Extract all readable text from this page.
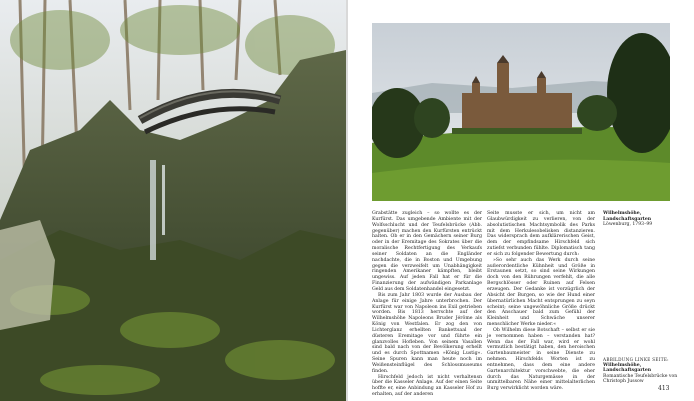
Wilhelmshöhe, Landschaftsgarten
Löwenburg, 1793–99

Grabstätte zugleich – so wollte es der Kurfürst. Das umgebende Ambiente mit der Wolfsschlucht und der Teufelsbrücke (Abb. gegenüber) machen den Kurfürsten entrückt halten. Ob er in den Gemächern seiner Burg oder in der Eremitage des Sokrates über die moralische Rechtfertigung des Verkaufs seiner Soldaten an die Engländer nachdachte, die in Boston und Umgebung gegen die verzweifelt um Unabhängigkeit ringenden Amerikaner kämpften, bleibt ungewiss. Auf jeden Fall hat er für die Finanzierung der aufwändigen Parkanlage Geld aus dem Soldatenhandel eingesetzt.

Bis zum Jahr 1803 wurde der Ausbau der Anlage für einige Jahre unterbrochen. Der Kurfürst war von Napoleon ins Exil getrieben worden. Bis 1813 herrschte auf der Wilhelmshöhe Napoleons Bruder Jérôme als König von Westfalen. Er zog den von Lichterglanz erhellten Bankettsaal der düsteren Eremitage vor und führte ein glanzvolles Hofleben. Von seinem Vasallen sind bald nach von der Bevölkerung erhellt und es durch Spottnamen »König Lustig«. Seine Spuren kann man heute noch im Weißensteinflügel des Schlossmuseums finden.

Hirschfeld jedoch ist nicht verhaltensn über die Kasseler Anlage. Auf der einen Seite hoffte er, eine Anbindung an Kasseler Hof zu erhalten, auf der anderen

Seite musste er sich, um nicht am Glaubwürdigkeit zu verlieren, von der absolutistischen Machtsymbolik des Parks mit dem Herkulesobelisken distanzieren. Das widersprach dem aufklärerischen Geist, dem der empfindsame Hirschfeld sich zutiefst verbunden fühlte. Diplomatisch tang er sich zu folgender Bewertung durch:

»So sehr auch das Werk durch seine außerordentliche Kühnheit und Größe in Erstaunen setzt, so sind seine Wirkungen doch von den Rührungen verfehlt, die alle Bergschlösser oder Ruinen auf Felsen erzeugen. Der Gedanke ist vorzügrlich der Absicht der Burgen, so wie der Hund einer übernatürlichen Macht entsprungen zu seyn scheint; seine ungewöhnliche Größe drückt den Anschauer bald zum Gefühl der Kleinheit und Schwäche unserer menschlicher Werke nieder.«

Ob Wilhelm diese Botschaft – selbst er sie je vernommen haben – verstanden hat? Wenn das der Fall war, wird er wohl vermutlich bestätigt haben, den heroischen Gartenbaumeister in seine Dienste zu nehmen. Hirschfelds Worten ist zu entnehmen, dass dem eine andere Gartenarchitektur vorschwebte, die eher durch das Naturgemässe in der unmittelbaren Nähe einer mittelalterlichen Burg verwirklicht worden wäre.

ABBILDUNG LINKE SEITE:
Wilhelmshöhe, Landschaftsgarten
Romantische Teufelsbrücke von Christoph Jussow
413
